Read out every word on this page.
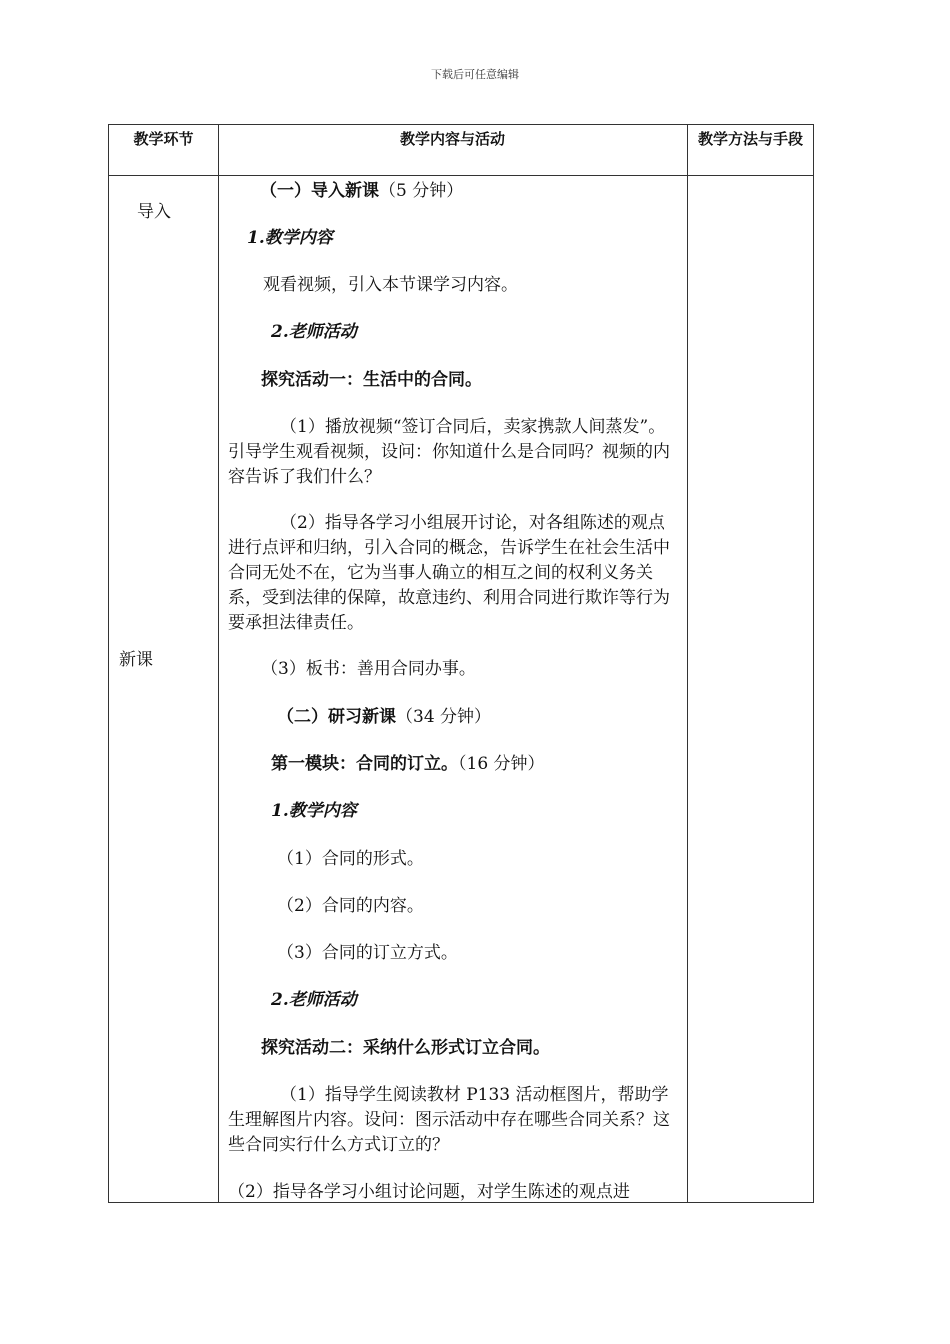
下载后可任意编辑
教学环节	教学内容与活动	教学方法与手段
导入
新课
（一）导入新课（5 分钟）
1.教学内容
观看视频，引入本节课学习内容。
2.老师活动
探究活动一：生活中的合同。
（1）播放视频“签订合同后，卖家携款人间蒸发”。引导学生观看视频，设问：你知道什么是合同吗？视频的内容告诉了我们什么？
（2）指导各学习小组展开讨论，对各组陈述的观点进行点评和归纳，引入合同的概念，告诉学生在社会生活中合同无处不在，它为当事人确立的相互之间的权利义务关系，受到法律的保障，故意违约、利用合同进行欺诈等行为要承担法律责任。
（3）板书：善用合同办事。
（二）研习新课（34 分钟）
第一模块：合同的订立。（16 分钟）
1.教学内容
（1）合同的形式。
（2）合同的内容。
（3）合同的订立方式。
2.老师活动
探究活动二：采纳什么形式订立合同。
（1）指导学生阅读教材 P133 活动框图片，帮助学生理解图片内容。设问：图示活动中存在哪些合同关系？这些合同实行什么方式订立的？
（2）指导各学习小组讨论问题，对学生陈述的观点进
